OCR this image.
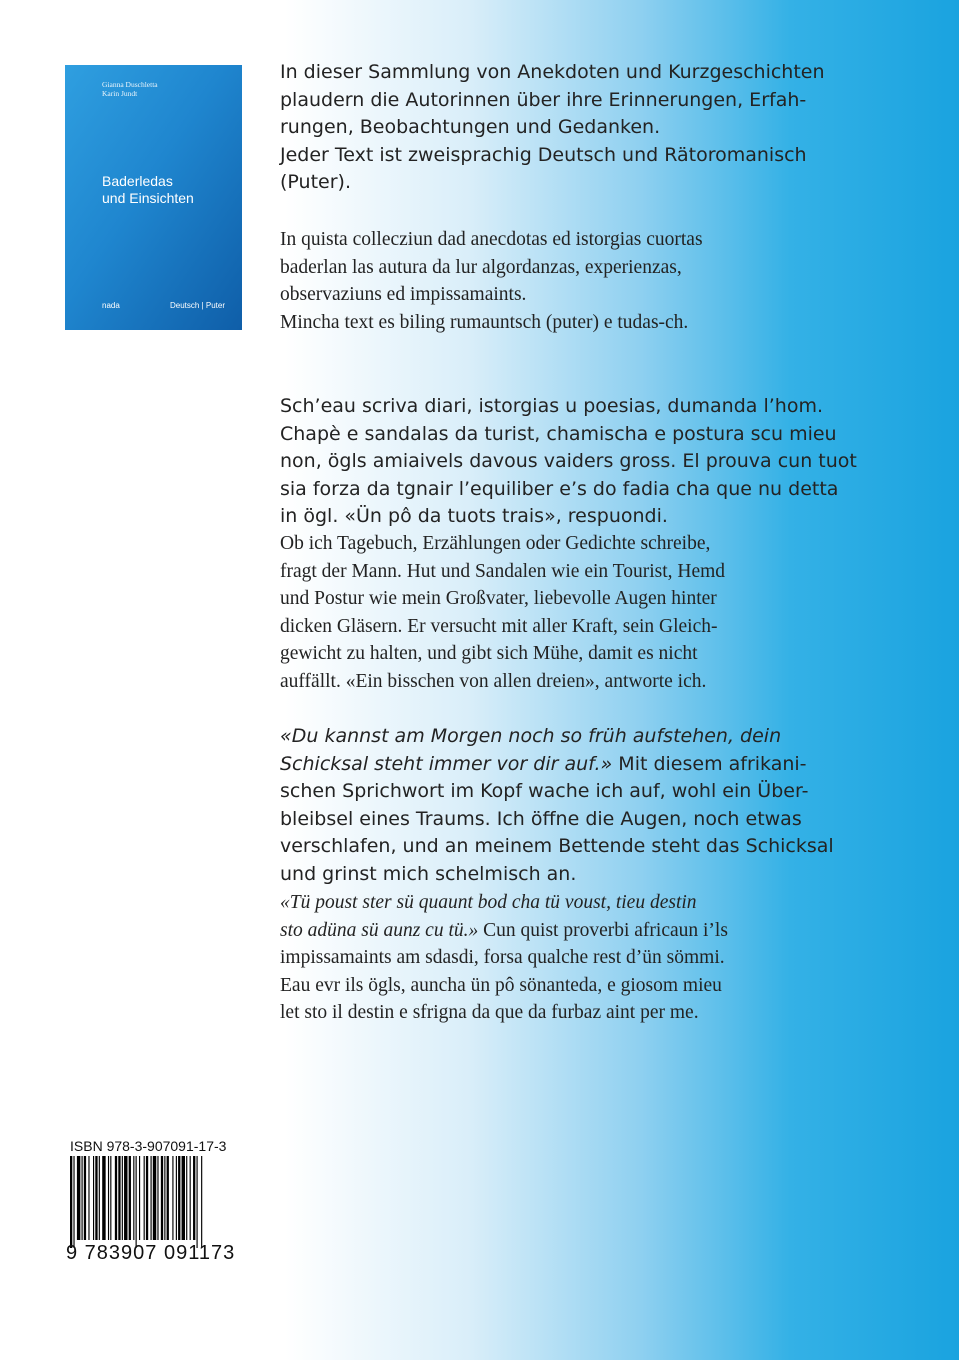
Gianna Duschletta
Karin Jundt
Baderledas
und Einsichten
nada	Deutsch | Puter

In dieser Sammlung von Anekdoten und Kurzgeschichten

plaudern die Autorinnen über ihre Erinnerungen, Erfah-

rungen, Beobachtungen und Gedanken.

Jeder Text ist zweisprachig Deutsch und Rätoromanisch

(Puter).

In quista collecziun dad anecdotas ed istorgias cuortas

baderlan las autura da lur algordanzas, experienzas,

observaziuns ed impissamaints.

Mincha text es biling rumauntsch (puter) e tudas-ch.

Sch’eau scriva diari, istorgias u poesias, dumanda l’hom.

Chapè e sandalas da turist, chamischa e postura scu mieu

non, ögls amiaivels davous vaiders gross. El prouva cun tuot

sia forza da tgnair l’equiliber e’s do fadia cha que nu detta

in ögl. «Ün pô da tuots trais», respuondi.

Ob ich Tagebuch, Erzählungen oder Gedichte schreibe,

fragt der Mann. Hut und Sandalen wie ein Tourist, Hemd

und Postur wie mein Großvater, liebevolle Augen hinter

dicken Gläsern. Er versucht mit aller Kraft, sein Gleich-

gewicht zu halten, und gibt sich Mühe, damit es nicht

auffällt. «Ein bisschen von allen dreien», antworte ich.

«Du kannst am Morgen noch so früh aufstehen, dein

Schicksal steht immer vor dir auf.» Mit diesem afrikani-

schen Sprichwort im Kopf wache ich auf, wohl ein Über-

bleibsel eines Traums. Ich öffne die Augen, noch etwas

verschlafen, und an meinem Bettende steht das Schicksal

und grinst mich schelmisch an.

«Tü poust ster sü quaunt bod cha tü voust, tieu destin

sto adüna sü aunz cu tü.» Cun quist proverbi africaun i’ls

impissamaints am sdasdi, forsa qualche rest d’ün sömmi.

Eau evr ils ögls, auncha ün pô sönanteda, e giosom mieu

let sto il destin e sfrigna da que da furbaz aint per me.

ISBN 978-3-907091-17-3
9 783907 091173
